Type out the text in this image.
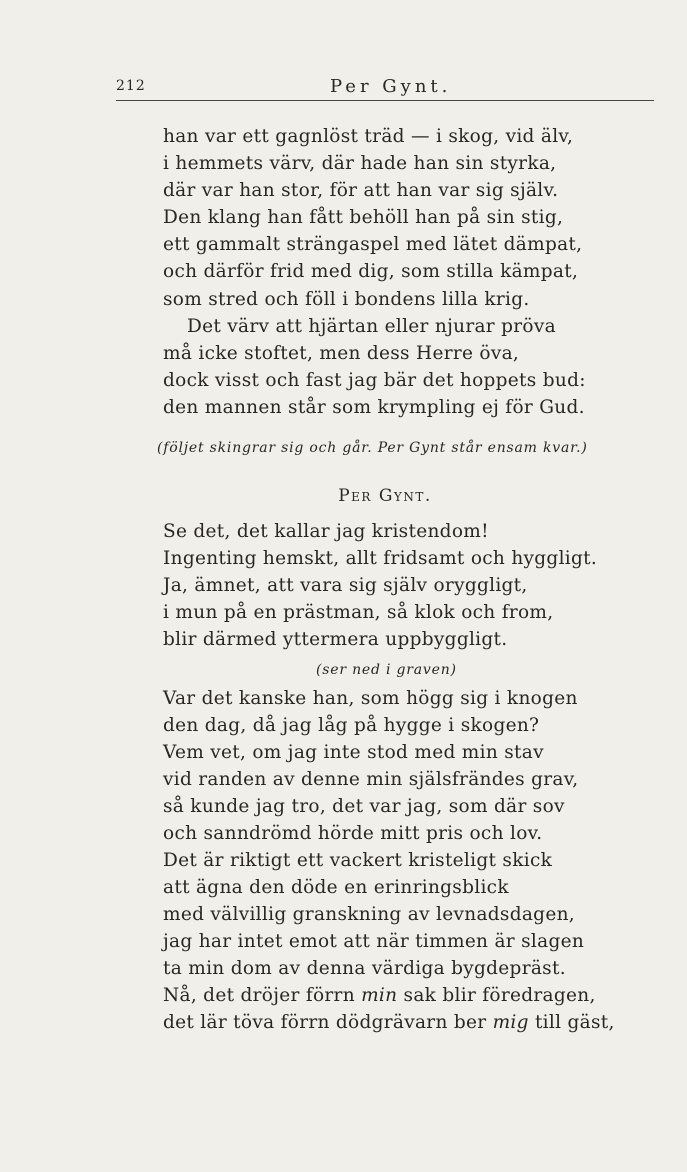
212	Per Gynt.
han var ett gagnlöst träd — i skog, vid älv,
i hemmets värv, där hade han sin styrka,
där var han stor, för att han var sig själv.
Den klang han fått behöll han på sin stig,
ett gammalt strängaspel med lätet dämpat,
och därför frid med dig, som stilla kämpat,
som stred och föll i bondens lilla krig.
Det värv att hjärtan eller njurar pröva
må icke stoftet, men dess Herre öva,
dock visst och fast jag bär det hoppets bud:
den mannen står som krympling ej för Gud.
(följet skingrar sig och går. Per Gynt står ensam kvar.)
Per Gynt.
Se det, det kallar jag kristendom!
Ingenting hemskt, allt fridsamt och hyggligt.
Ja, ämnet, att vara sig själv oryggligt,
i mun på en prästman, så klok och from,
blir därmed yttermera uppbyggligt.
(ser ned i graven)
Var det kanske han, som högg sig i knogen
den dag, då jag låg på hygge i skogen?
Vem vet, om jag inte stod med min stav
vid randen av denne min själsfrändes grav,
så kunde jag tro, det var jag, som där sov
och sanndrömd hörde mitt pris och lov.
Det är riktigt ett vackert kristeligt skick
att ägna den döde en erinringsblick
med välvillig granskning av levnadsdagen,
jag har intet emot att när timmen är slagen
ta min dom av denna värdiga bygdepräst.
Nå, det dröjer förrn min sak blir föredragen,
det lär töva förrn dödgrävarn ber mig till gäst,
